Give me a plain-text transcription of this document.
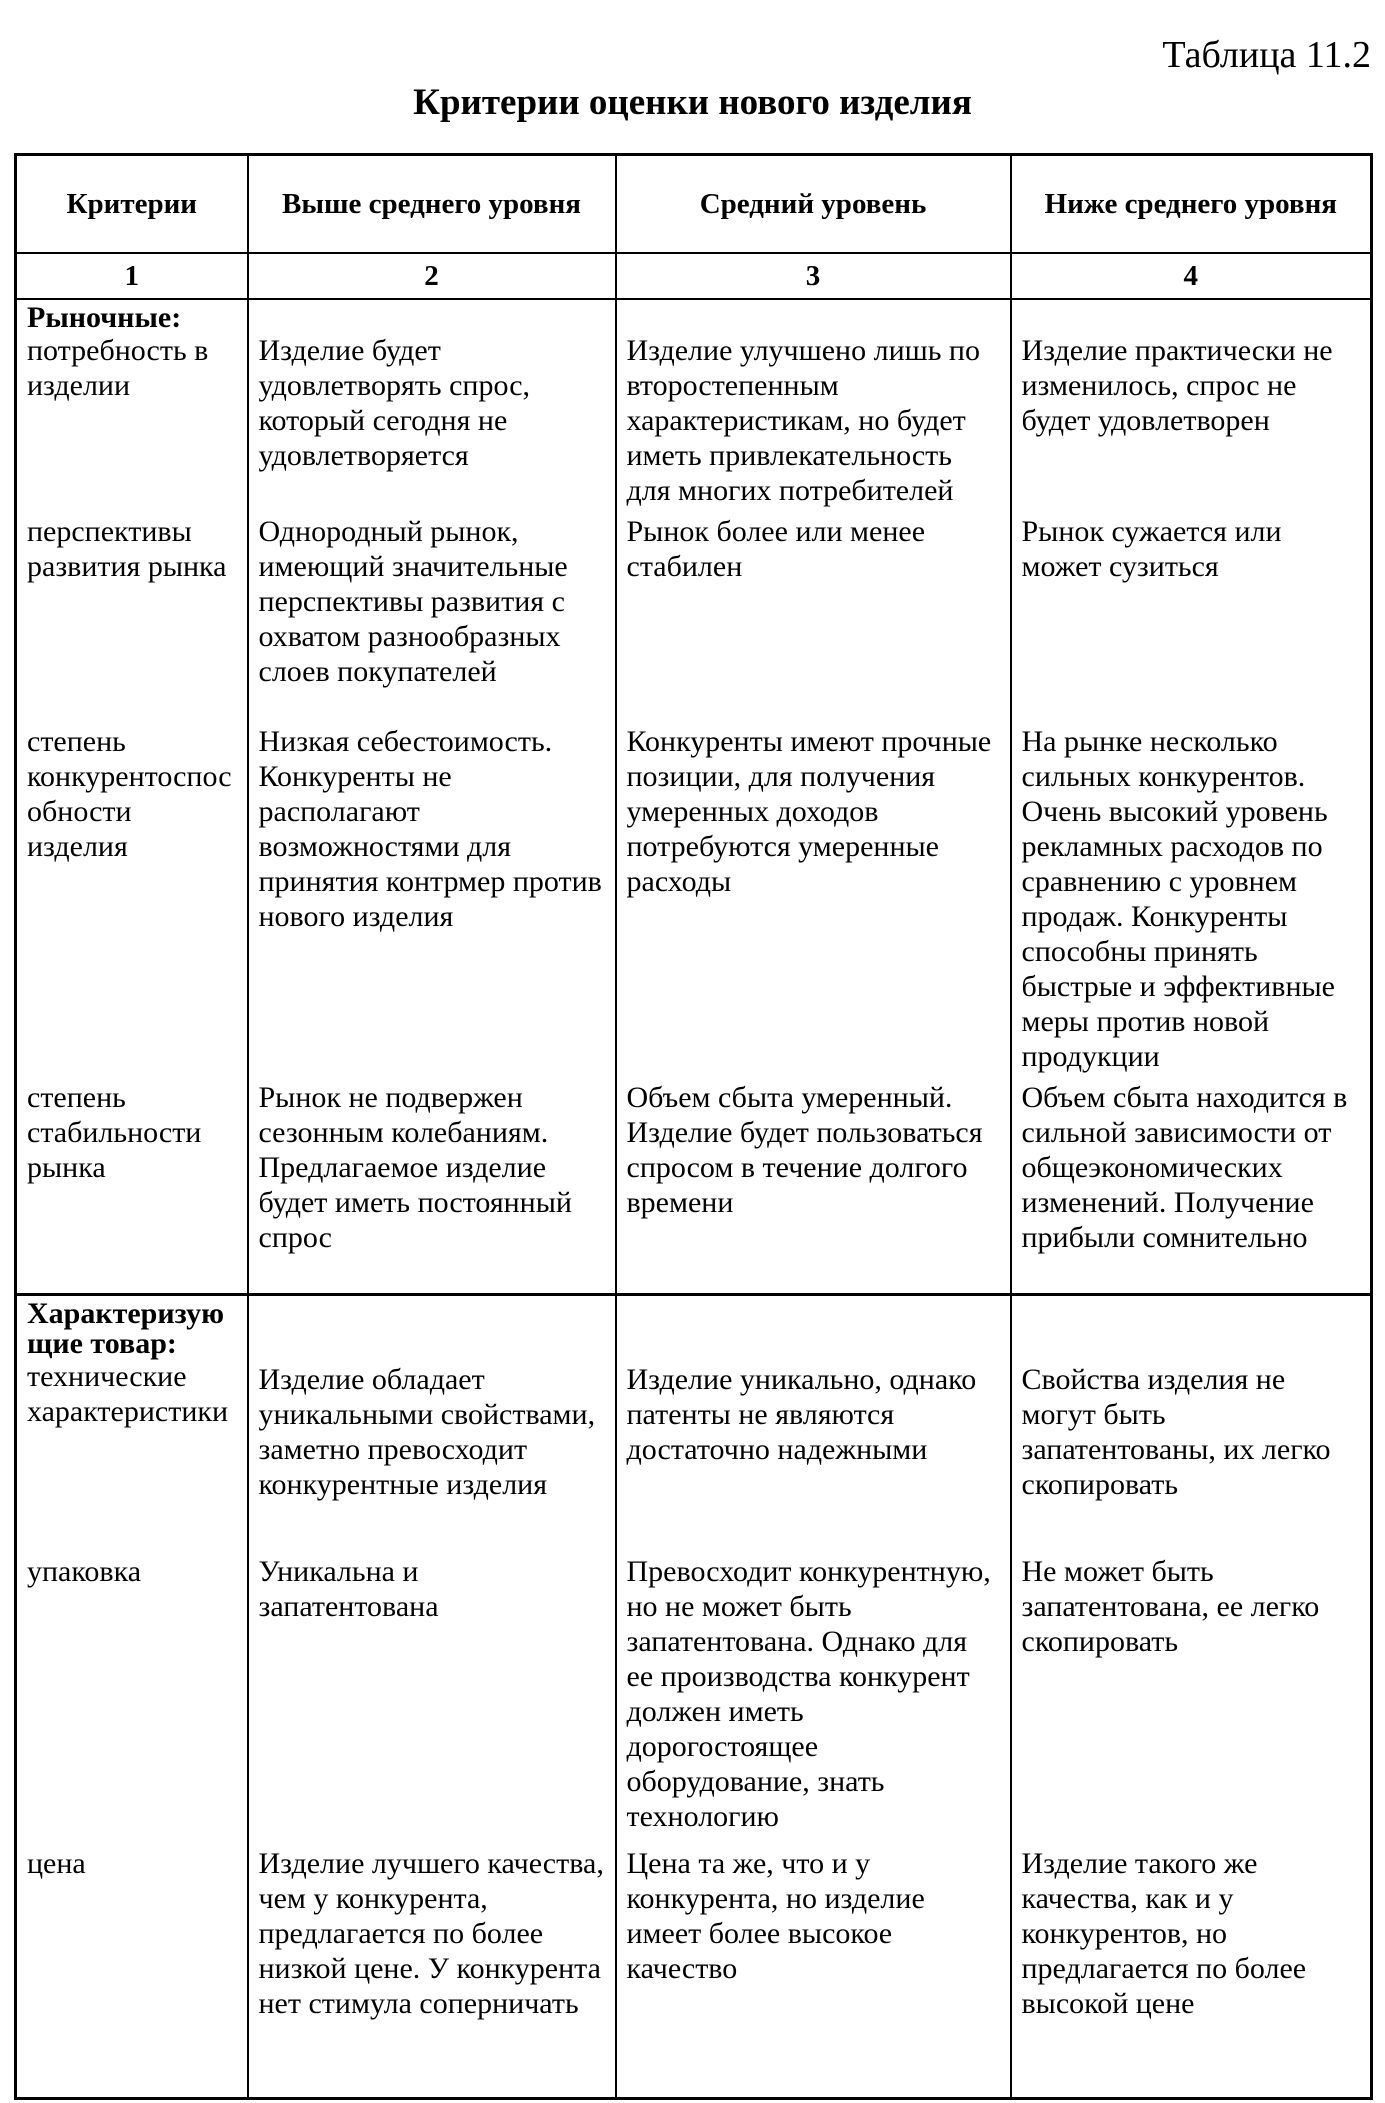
Таблица 11.2
Критерии оценки нового изделия
Критерии	Выше среднего уровня	Средний уровень	Ниже среднего уровня
1	2	3	4

Рыночные:
потребность в изделии	Изделие будет удовлетворять спрос, который сегодня не удовлетворяется	Изделие улучшено лишь по второстепенным характеристикам, но будет иметь привлекательность для многих потребителей	Изделие практически не изменилось, спрос не будет удовлетворен
перспективы развития рынка	Однородный рынок, имеющий значительные перспективы развития с охватом разнообразных слоев покупателей	Рынок более или менее стабилен	Рынок сужается или может сузиться
степень конкурентоспособности изделия	Низкая себестоимость. Конкуренты не располагают возможностями для принятия контрмер против нового изделия	Конкуренты имеют прочные позиции, для получения умеренных доходов потребуются умеренные расходы	На рынке несколько сильных конкурентов. Очень высокий уровень рекламных расходов по сравнению с уровнем продаж. Конкуренты способны принять быстрые и эффективные меры против новой продукции
степень стабильности рынка	Рынок не подвержен сезонным колебаниям. Предлагаемое изделие будет иметь постоянный спрос	Объем сбыта умеренный. Изделие будет пользоваться спросом в течение долгого времени	Объем сбыта находится в сильной зависимости от общеэкономических изменений. Получение прибыли сомнительно

Характеризующие товар:
технические характеристики	Изделие обладает уникальными свойствами, заметно превосходит конкурентные изделия	Изделие уникально, однако патенты не являются достаточно надежными	Свойства изделия не могут быть запатентованы, их легко скопировать
упаковка	Уникальна и запатентована	Превосходит конкурентную, но не может быть запатентована. Однако для ее производства конкурент должен иметь дорогостоящее оборудование, знать технологию	Не может быть запатентована, ее легко скопировать
цена	Изделие лучшего качества, чем у конкурента, предлагается по более низкой цене. У конкурента нет стимула соперничать	Цена та же, что и у конкурента, но изделие имеет более высокое качество	Изделие такого же качества, как и у конкурентов, но предлагается по более высокой цене
